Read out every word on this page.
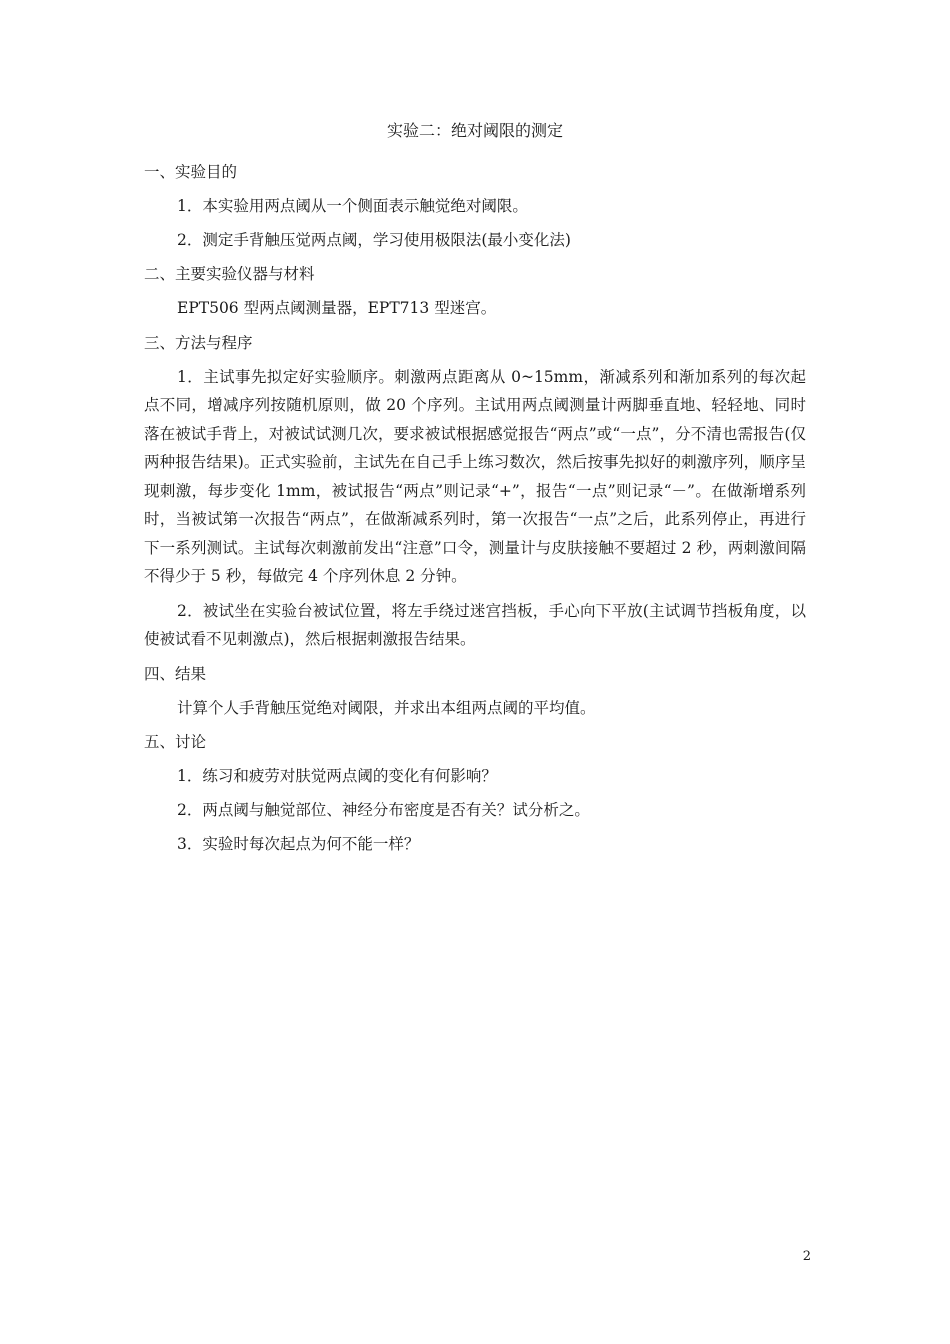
实验二：绝对阈限的测定
一、实验目的
1．本实验用两点阈从一个侧面表示触觉绝对阈限。
2．测定手背触压觉两点阈，学习使用极限法(最小变化法)
二、主要实验仪器与材料
EPT506 型两点阈测量器，EPT713 型迷宫。
三、方法与程序
1．主试事先拟定好实验顺序。刺激两点距离从 0~15mm，渐减系列和渐加系列的每次起点不同，增减序列按随机原则，做 20 个序列。主试用两点阈测量计两脚垂直地、轻轻地、同时落在被试手背上，对被试试测几次，要求被试根据感觉报告“两点”或“一点”，分不清也需报告(仅两种报告结果)。正式实验前，主试先在自己手上练习数次，然后按事先拟好的刺激序列，顺序呈现刺激，每步变化 1mm，被试报告“两点”则记录“+”，报告“一点”则记录“－”。在做渐增系列时，当被试第一次报告“两点”，在做渐减系列时，第一次报告“一点”之后，此系列停止，再进行下一系列测试。主试每次刺激前发出“注意”口令，测量计与皮肤接触不要超过 2 秒，两刺激间隔不得少于 5 秒，每做完 4 个序列休息 2 分钟。
2．被试坐在实验台被试位置，将左手绕过迷宫挡板，手心向下平放(主试调节挡板角度，以使被试看不见刺激点)，然后根据刺激报告结果。
四、结果
计算个人手背触压觉绝对阈限，并求出本组两点阈的平均值。
五、讨论
1．练习和疲劳对肤觉两点阈的变化有何影响？
2．两点阈与触觉部位、神经分布密度是否有关？试分析之。
3．实验时每次起点为何不能一样？
2
